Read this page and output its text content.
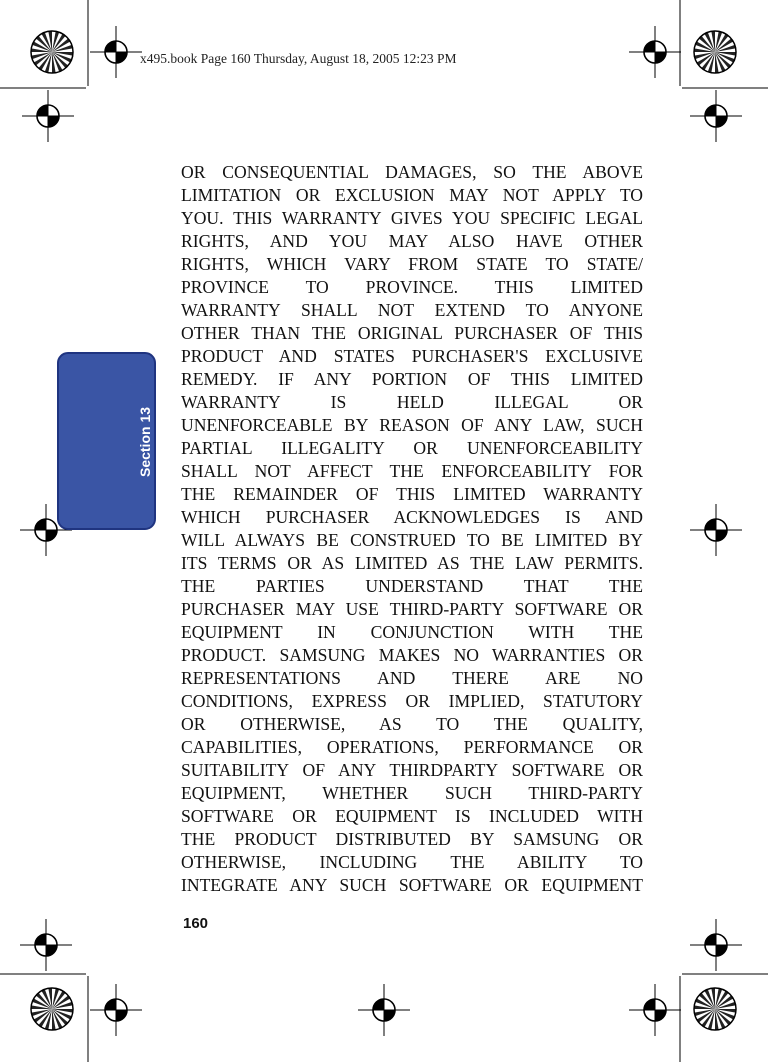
x495.book Page 160 Thursday, August 18, 2005 12:23 PM
Section 13
OR CONSEQUENTIAL DAMAGES, SO THE ABOVE
LIMITATION OR EXCLUSION MAY NOT APPLY TO
YOU. THIS WARRANTY GIVES YOU SPECIFIC LEGAL
RIGHTS, AND YOU MAY ALSO HAVE OTHER
RIGHTS, WHICH VARY FROM STATE TO STATE/
PROVINCE TO PROVINCE. THIS LIMITED
WARRANTY SHALL NOT EXTEND TO ANYONE
OTHER THAN THE ORIGINAL PURCHASER OF THIS
PRODUCT AND STATES PURCHASER'S EXCLUSIVE
REMEDY. IF ANY PORTION OF THIS LIMITED
WARRANTY IS HELD ILLEGAL OR
UNENFORCEABLE BY REASON OF ANY LAW, SUCH
PARTIAL ILLEGALITY OR UNENFORCEABILITY
SHALL NOT AFFECT THE ENFORCEABILITY FOR
THE REMAINDER OF THIS LIMITED WARRANTY
WHICH PURCHASER ACKNOWLEDGES IS AND
WILL ALWAYS BE CONSTRUED TO BE LIMITED BY
ITS TERMS OR AS LIMITED AS THE LAW PERMITS.
THE PARTIES UNDERSTAND THAT THE
PURCHASER MAY USE THIRD-PARTY SOFTWARE OR
EQUIPMENT IN CONJUNCTION WITH THE
PRODUCT. SAMSUNG MAKES NO WARRANTIES OR
REPRESENTATIONS AND THERE ARE NO
CONDITIONS, EXPRESS OR IMPLIED, STATUTORY
OR OTHERWISE, AS TO THE QUALITY,
CAPABILITIES, OPERATIONS, PERFORMANCE OR
SUITABILITY OF ANY THIRDPARTY SOFTWARE OR
EQUIPMENT, WHETHER SUCH THIRD-PARTY
SOFTWARE OR EQUIPMENT IS INCLUDED WITH
THE PRODUCT DISTRIBUTED BY SAMSUNG OR
OTHERWISE, INCLUDING THE ABILITY TO
INTEGRATE ANY SUCH SOFTWARE OR EQUIPMENT
160
